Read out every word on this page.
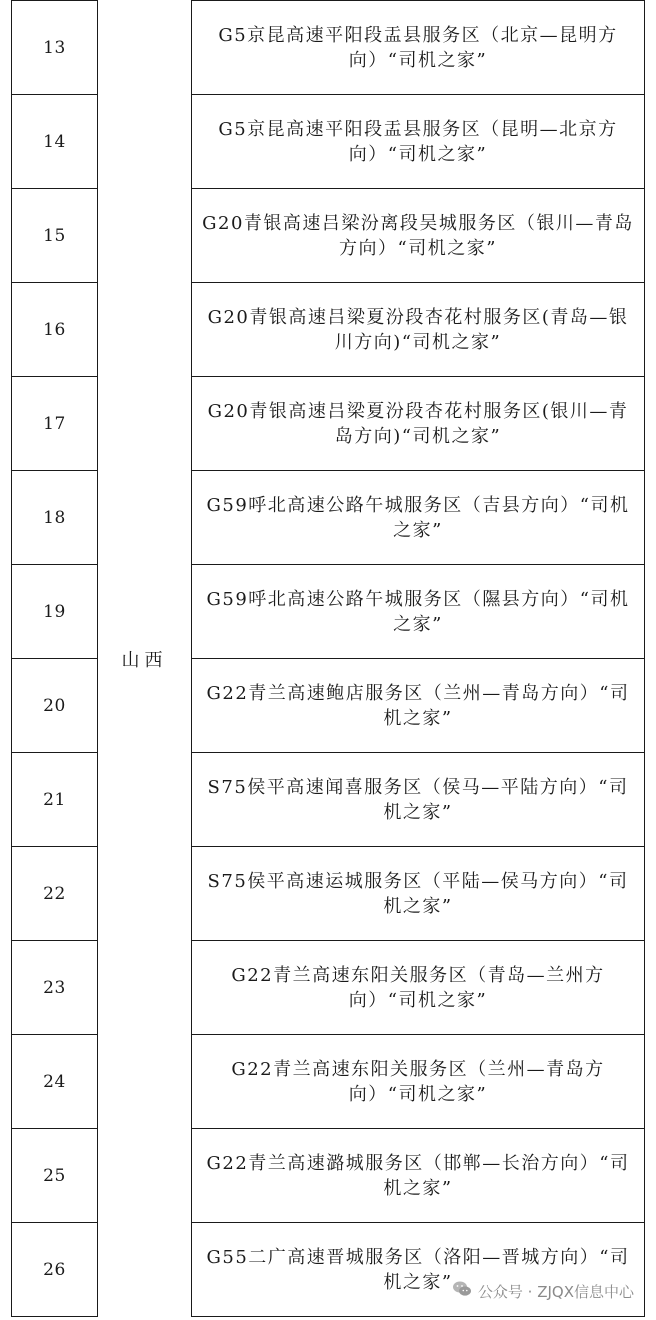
13	山西	G5京昆高速平阳段盂县服务区（北京—昆明方向）“司机之家”
14		G5京昆高速平阳段盂县服务区（昆明—北京方向）“司机之家”
15		G20青银高速吕梁汾离段吴城服务区（银川—青岛方向）“司机之家”
16		G20青银高速吕梁夏汾段杏花村服务区(青岛—银川方向)“司机之家”
17		G20青银高速吕梁夏汾段杏花村服务区(银川—青岛方向)“司机之家”
18		G59呼北高速公路午城服务区（吉县方向）“司机之家”
19		G59呼北高速公路午城服务区（隰县方向）“司机之家”
20		G22青兰高速鲍店服务区（兰州—青岛方向）“司机之家”
21		S75侯平高速闻喜服务区（侯马—平陆方向）“司机之家”
22		S75侯平高速运城服务区（平陆—侯马方向）“司机之家”
23		G22青兰高速东阳关服务区（青岛—兰州方向）“司机之家”
24		G22青兰高速东阳关服务区（兰州—青岛方向）“司机之家”
25		G22青兰高速潞城服务区（邯郸—长治方向）“司机之家”
26		G55二广高速晋城服务区（洛阳—晋城方向）“司机之家” 公众号 · ZJQX信息中心
